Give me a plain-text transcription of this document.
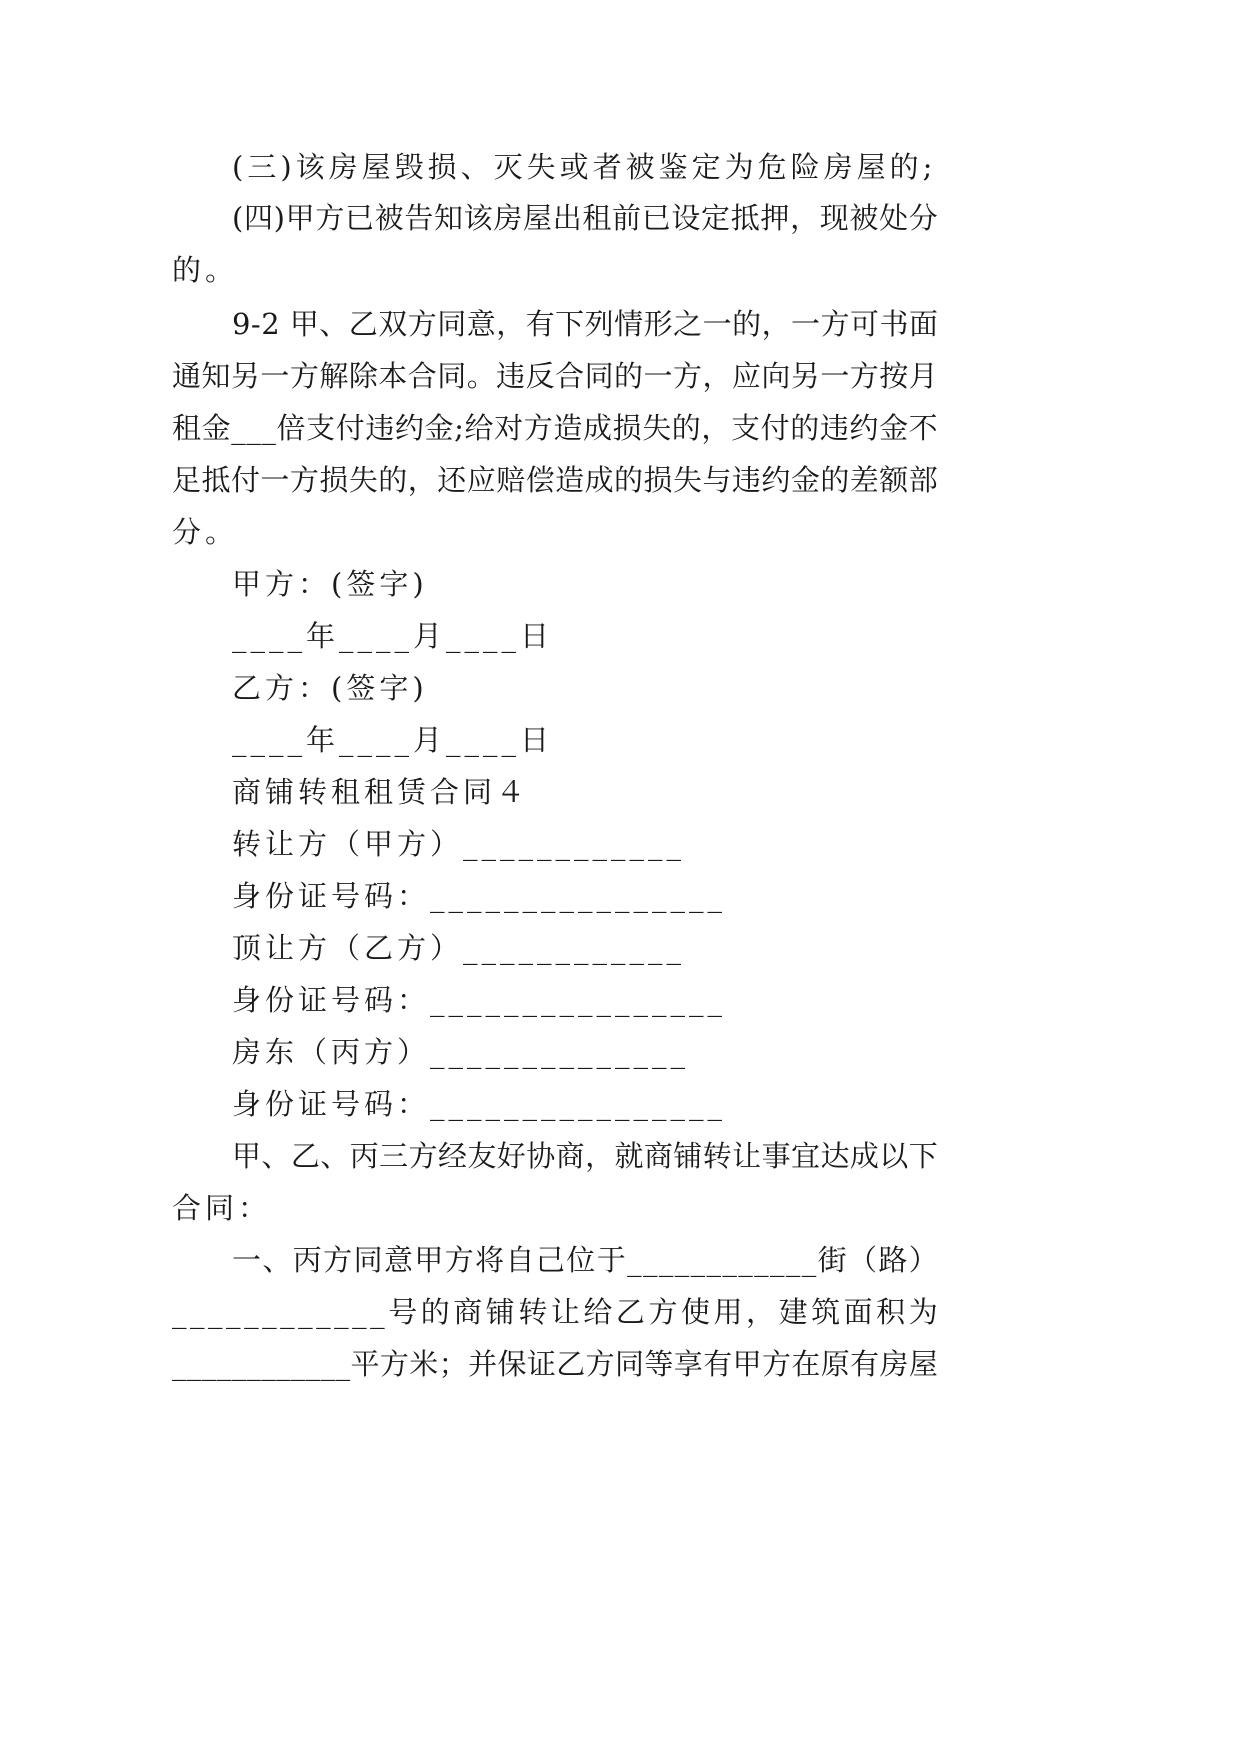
(三)该房屋毁损、灭失或者被鉴定为危险房屋的;
( 四 ) 甲 方 已 被 告 知 该 房 屋 出 租 前 已 设 定 抵 押 ， 现 被 处 分
的。
9 - 2
甲 、 乙 双 方 同 意 ， 有 下 列 情 形 之 一 的 ， 一 方 可 书 面
通 知 另 一 方 解 除 本 合 同 。 违 反 合 同 的 一 方 ， 应 向 另 一 方 按 月
租 金 _ _ _ 倍 支 付 违 约 金 ; 给 对 方 造 成 损 失 的 ， 支 付 的 违 约 金 不
足 抵 付 一 方 损 失 的 ， 还 应 赔 偿 造 成 的 损 失 与 违 约 金 的 差 额 部
分。
甲方：(签字)
____年____月____日
乙方：(签字)
____年____月____日
商铺转租租赁合同４
转让方（甲方）____________
身份证号码：________________
顶让方（乙方）____________
身份证号码：________________
房东（丙方）______________
身份证号码：________________
甲 、 乙 、 丙 三 方 经 友 好 协 商 ， 就 商 铺 转 让 事 宜 达 成 以 下
合同：
一 、 丙 方 同 意 甲 方 将 自 己 位 于 _ _ _ _ _ _ _ _ _ _ _ _ 街 （ 路 ）
_ _ _ _ _ _ _ _ _ _ _ _ 号 的 商 铺 转 让 给 乙 方 使 用 ， 建 筑 面 积 为
_ _ _ _ _ _ _ _ _ _ _ _ 平 方 米 ； 并 保 证 乙 方 同 等 享 有 甲 方 在 原 有 房 屋
